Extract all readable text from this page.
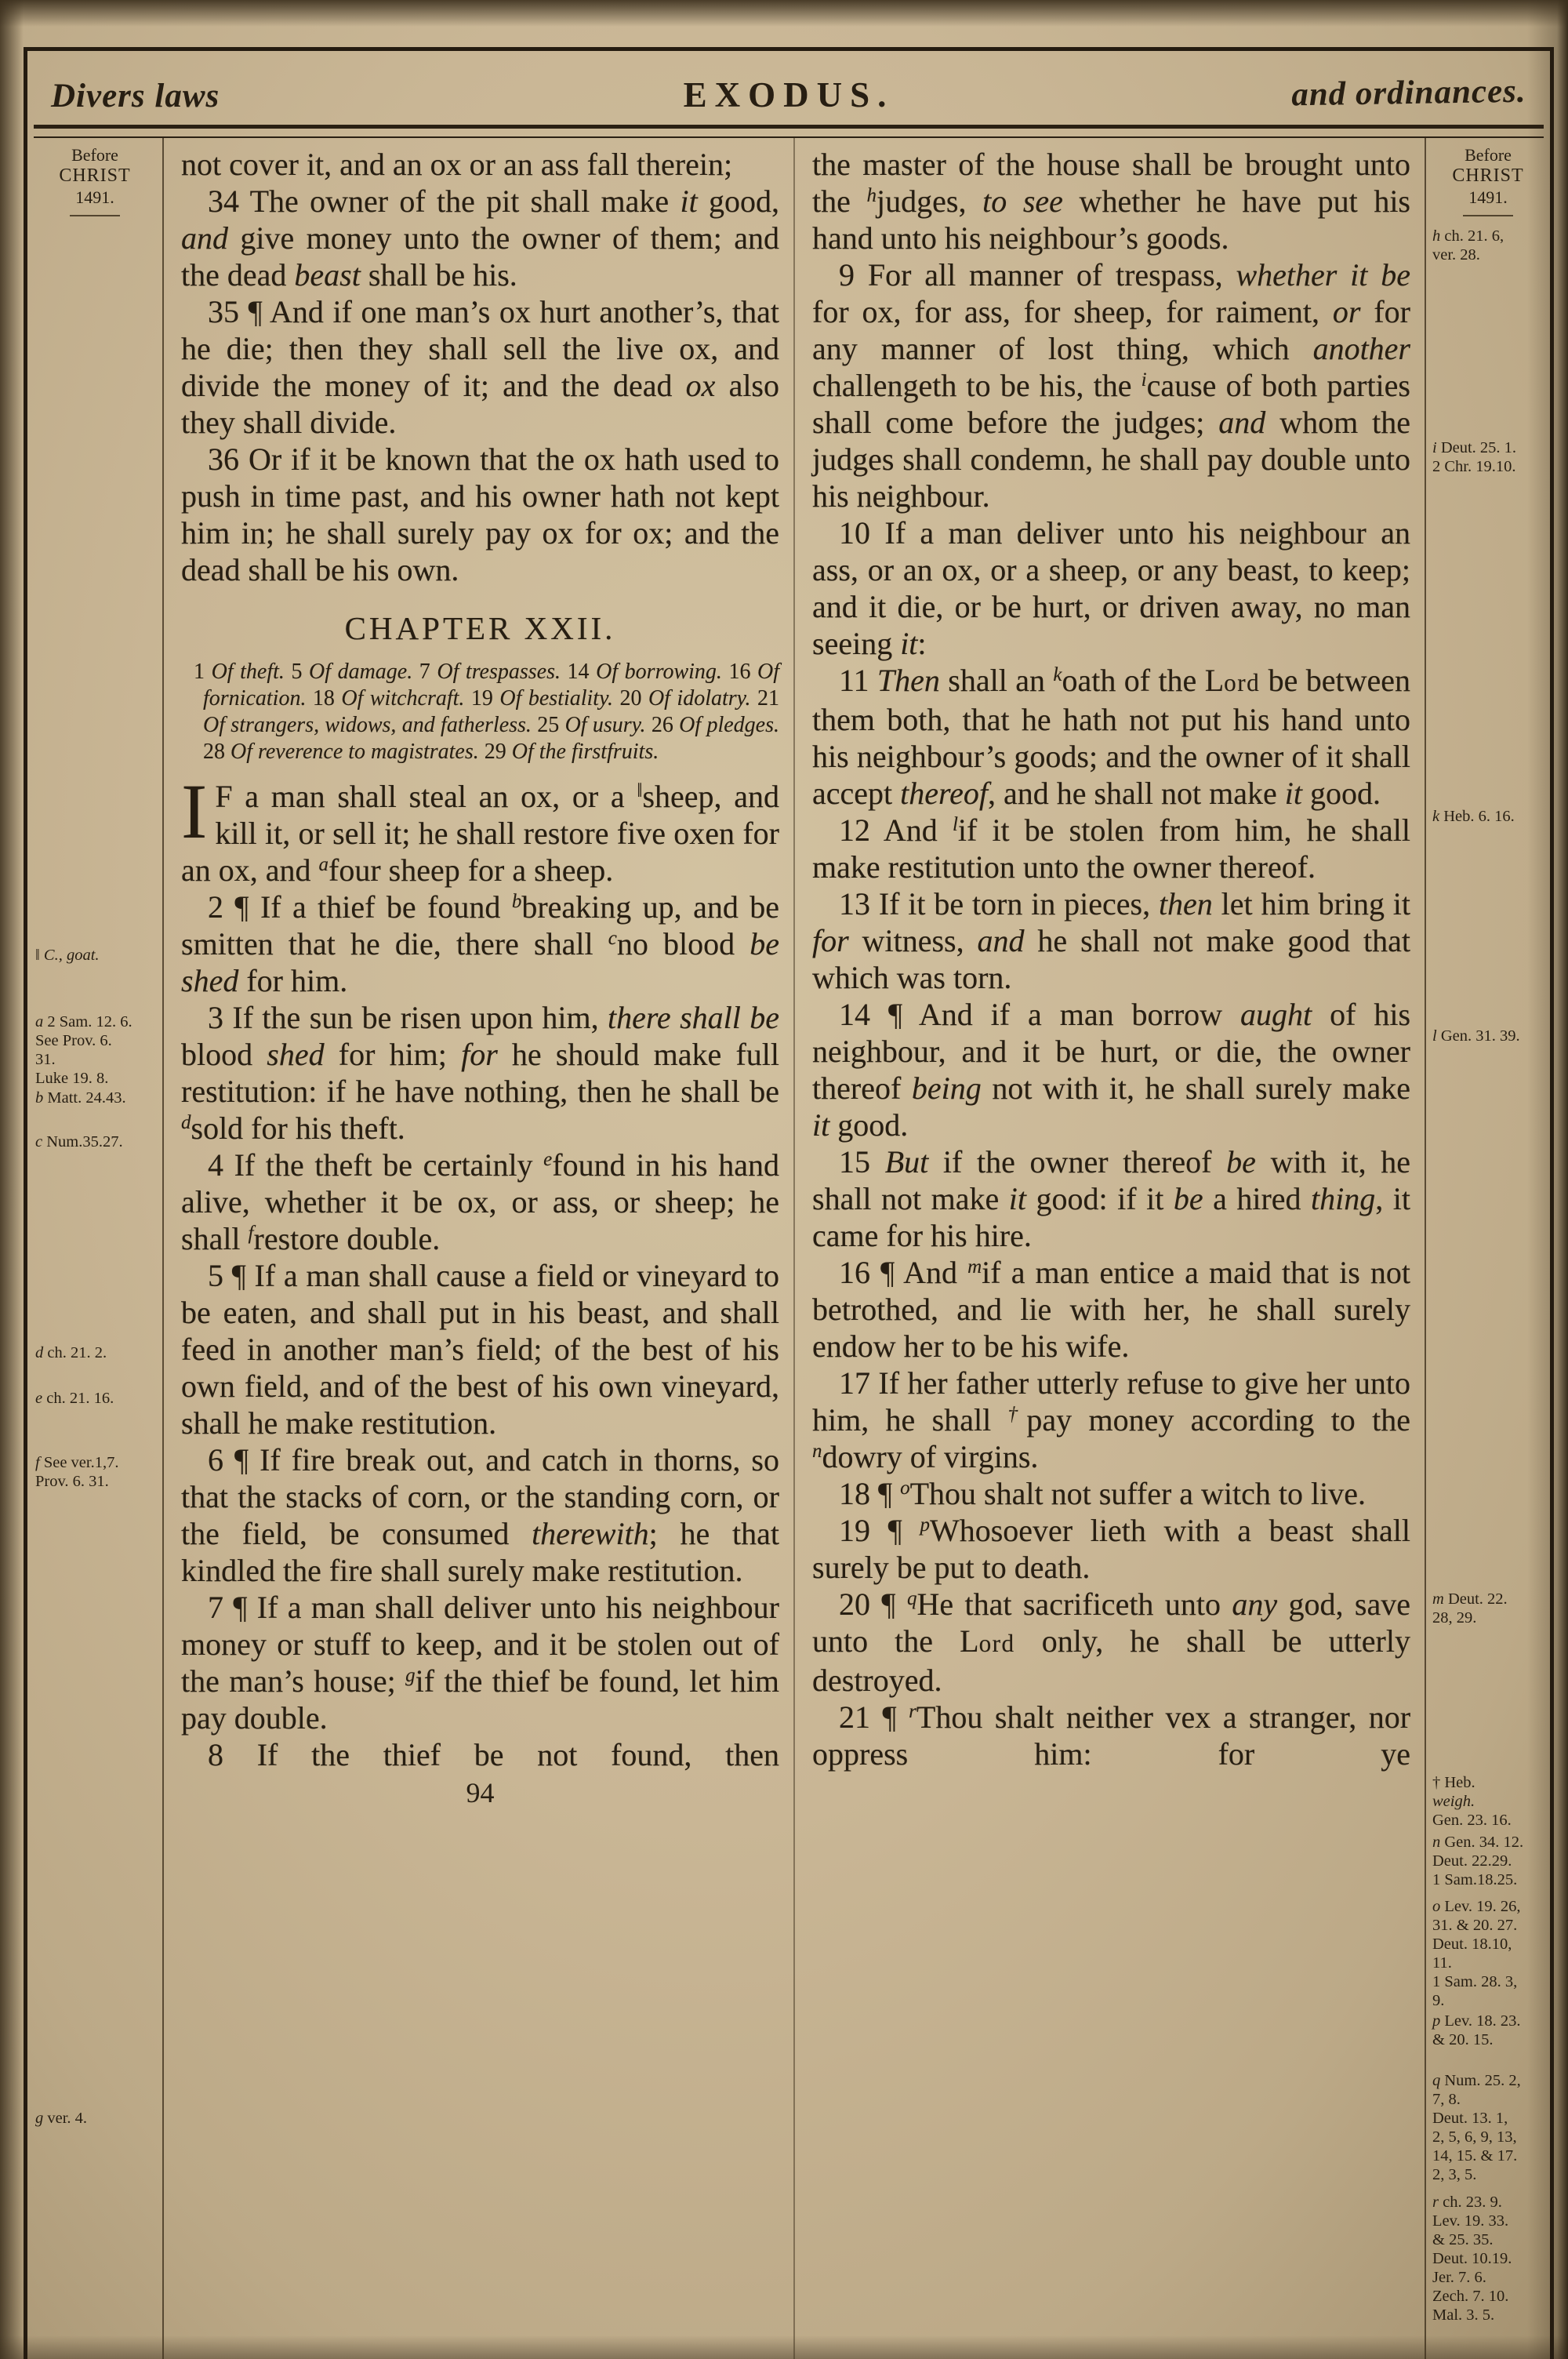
Divers laws	EXODUS.	and ordinances.
Before
CHRIST
1491.
‖ C., goat.
a 2 Sam. 12. 6.
See Prov. 6.
31.
Luke 19. 8.
b Matt. 24.43.
c Num.35.27.
d ch. 21. 2.
e ch. 21. 16.
f See ver.1,7.
Prov. 6. 31.
g ver. 4.
not cover it, and an ox or an ass fall therein;
34 The owner of the pit shall make it good, and give money unto the owner of them; and the dead beast shall be his.
35 ¶ And if one man’s ox hurt another’s, that he die; then they shall sell the live ox, and divide the money of it; and the dead ox also they shall divide.
36 Or if it be known that the ox hath used to push in time past, and his owner hath not kept him in; he shall surely pay ox for ox; and the dead shall be his own.
CHAPTER XXII.
1 Of theft. 5 Of damage. 7 Of trespasses. 14 Of borrowing. 16 Of fornication. 18 Of witchcraft. 19 Of bestiality. 20 Of idolatry. 21 Of strangers, widows, and fatherless. 25 Of usury. 26 Of pledges. 28 Of reverence to magistrates. 29 Of the firstfruits.
I F a man shall steal an ox, or a ‖sheep, and kill it, or sell it; he shall restore five oxen for an ox, and $^a$four sheep for a sheep.
2 ¶ If a thief be found $^b$breaking up, and be smitten that he die, there shall $^c$no blood be shed for him.
3 If the sun be risen upon him, there shall be blood shed for him; for he should make full restitution: if he have nothing, then he shall be $^d$sold for his theft.
4 If the theft be certainly $^e$found in his hand alive, whether it be ox, or ass, or sheep; he shall $^f$restore double.
5 ¶ If a man shall cause a field or vineyard to be eaten, and shall put in his beast, and shall feed in another man’s field; of the best of his own field, and of the best of his own vineyard, shall he make restitution.
6 ¶ If fire break out, and catch in thorns, so that the stacks of corn, or the standing corn, or the field, be consumed therewith; he that kindled the fire shall surely make restitution.
7 ¶ If a man shall deliver unto his neighbour money or stuff to keep, and it be stolen out of the man’s house; $^g$if the thief be found, let him pay double.
8 If the thief be not found, then
94
the master of the house shall be brought unto the $^h$judges, to see whether he have put his hand unto his neighbour’s goods.
9 For all manner of trespass, whether it be for ox, for ass, for sheep, for raiment, or for any manner of lost thing, which another challengeth to be his, the $^i$cause of both parties shall come before the judges; and whom the judges shall condemn, he shall pay double unto his neighbour.
10 If a man deliver unto his neighbour an ass, or an ox, or a sheep, or any beast, to keep; and it die, or be hurt, or driven away, no man seeing it:
11 Then shall an $^k$oath of the Lord be between them both, that he hath not put his hand unto his neighbour’s goods; and the owner of it shall accept thereof, and he shall not make it good.
12 And $^l$if it be stolen from him, he shall make restitution unto the owner thereof.
13 If it be torn in pieces, then let him bring it for witness, and he shall not make good that which was torn.
14 ¶ And if a man borrow aught of his neighbour, and it be hurt, or die, the owner thereof being not with it, he shall surely make it good.
15 But if the owner thereof be with it, he shall not make it good: if it be a hired thing, it came for his hire.
16 ¶ And $^m$if a man entice a maid that is not betrothed, and lie with her, he shall surely endow her to be his wife.
17 If her father utterly refuse to give her unto him, he shall †pay money according to the $^n$dowry of virgins.
18 ¶ $^o$Thou shalt not suffer a witch to live.
19 ¶ $^p$Whosoever lieth with a beast shall surely be put to death.
20 ¶ $^q$He that sacrificeth unto any god, save unto the Lord only, he shall be utterly destroyed.
21 ¶ $^r$Thou shalt neither vex a stranger, nor oppress him: for ye
Before
CHRIST
1491.
h ch. 21. 6,
ver. 28.
i Deut. 25. 1.
2 Chr. 19.10.
k Heb. 6. 16.
l Gen. 31. 39.
m Deut. 22.
28, 29.
† Heb.
weigh.
Gen. 23. 16.
n Gen. 34. 12.
Deut. 22.29.
1 Sam.18.25.
o Lev. 19. 26,
31. & 20. 27.
Deut. 18.10,
11.
1 Sam. 28. 3,
9.
p Lev. 18. 23.
& 20. 15.
q Num. 25. 2,
7, 8.
Deut. 13. 1,
2, 5, 6, 9, 13,
14, 15. & 17.
2, 3, 5.
r ch. 23. 9.
Lev. 19. 33.
& 25. 35.
Deut. 10.19.
Jer. 7. 6.
Zech. 7. 10.
Mal. 3. 5.
